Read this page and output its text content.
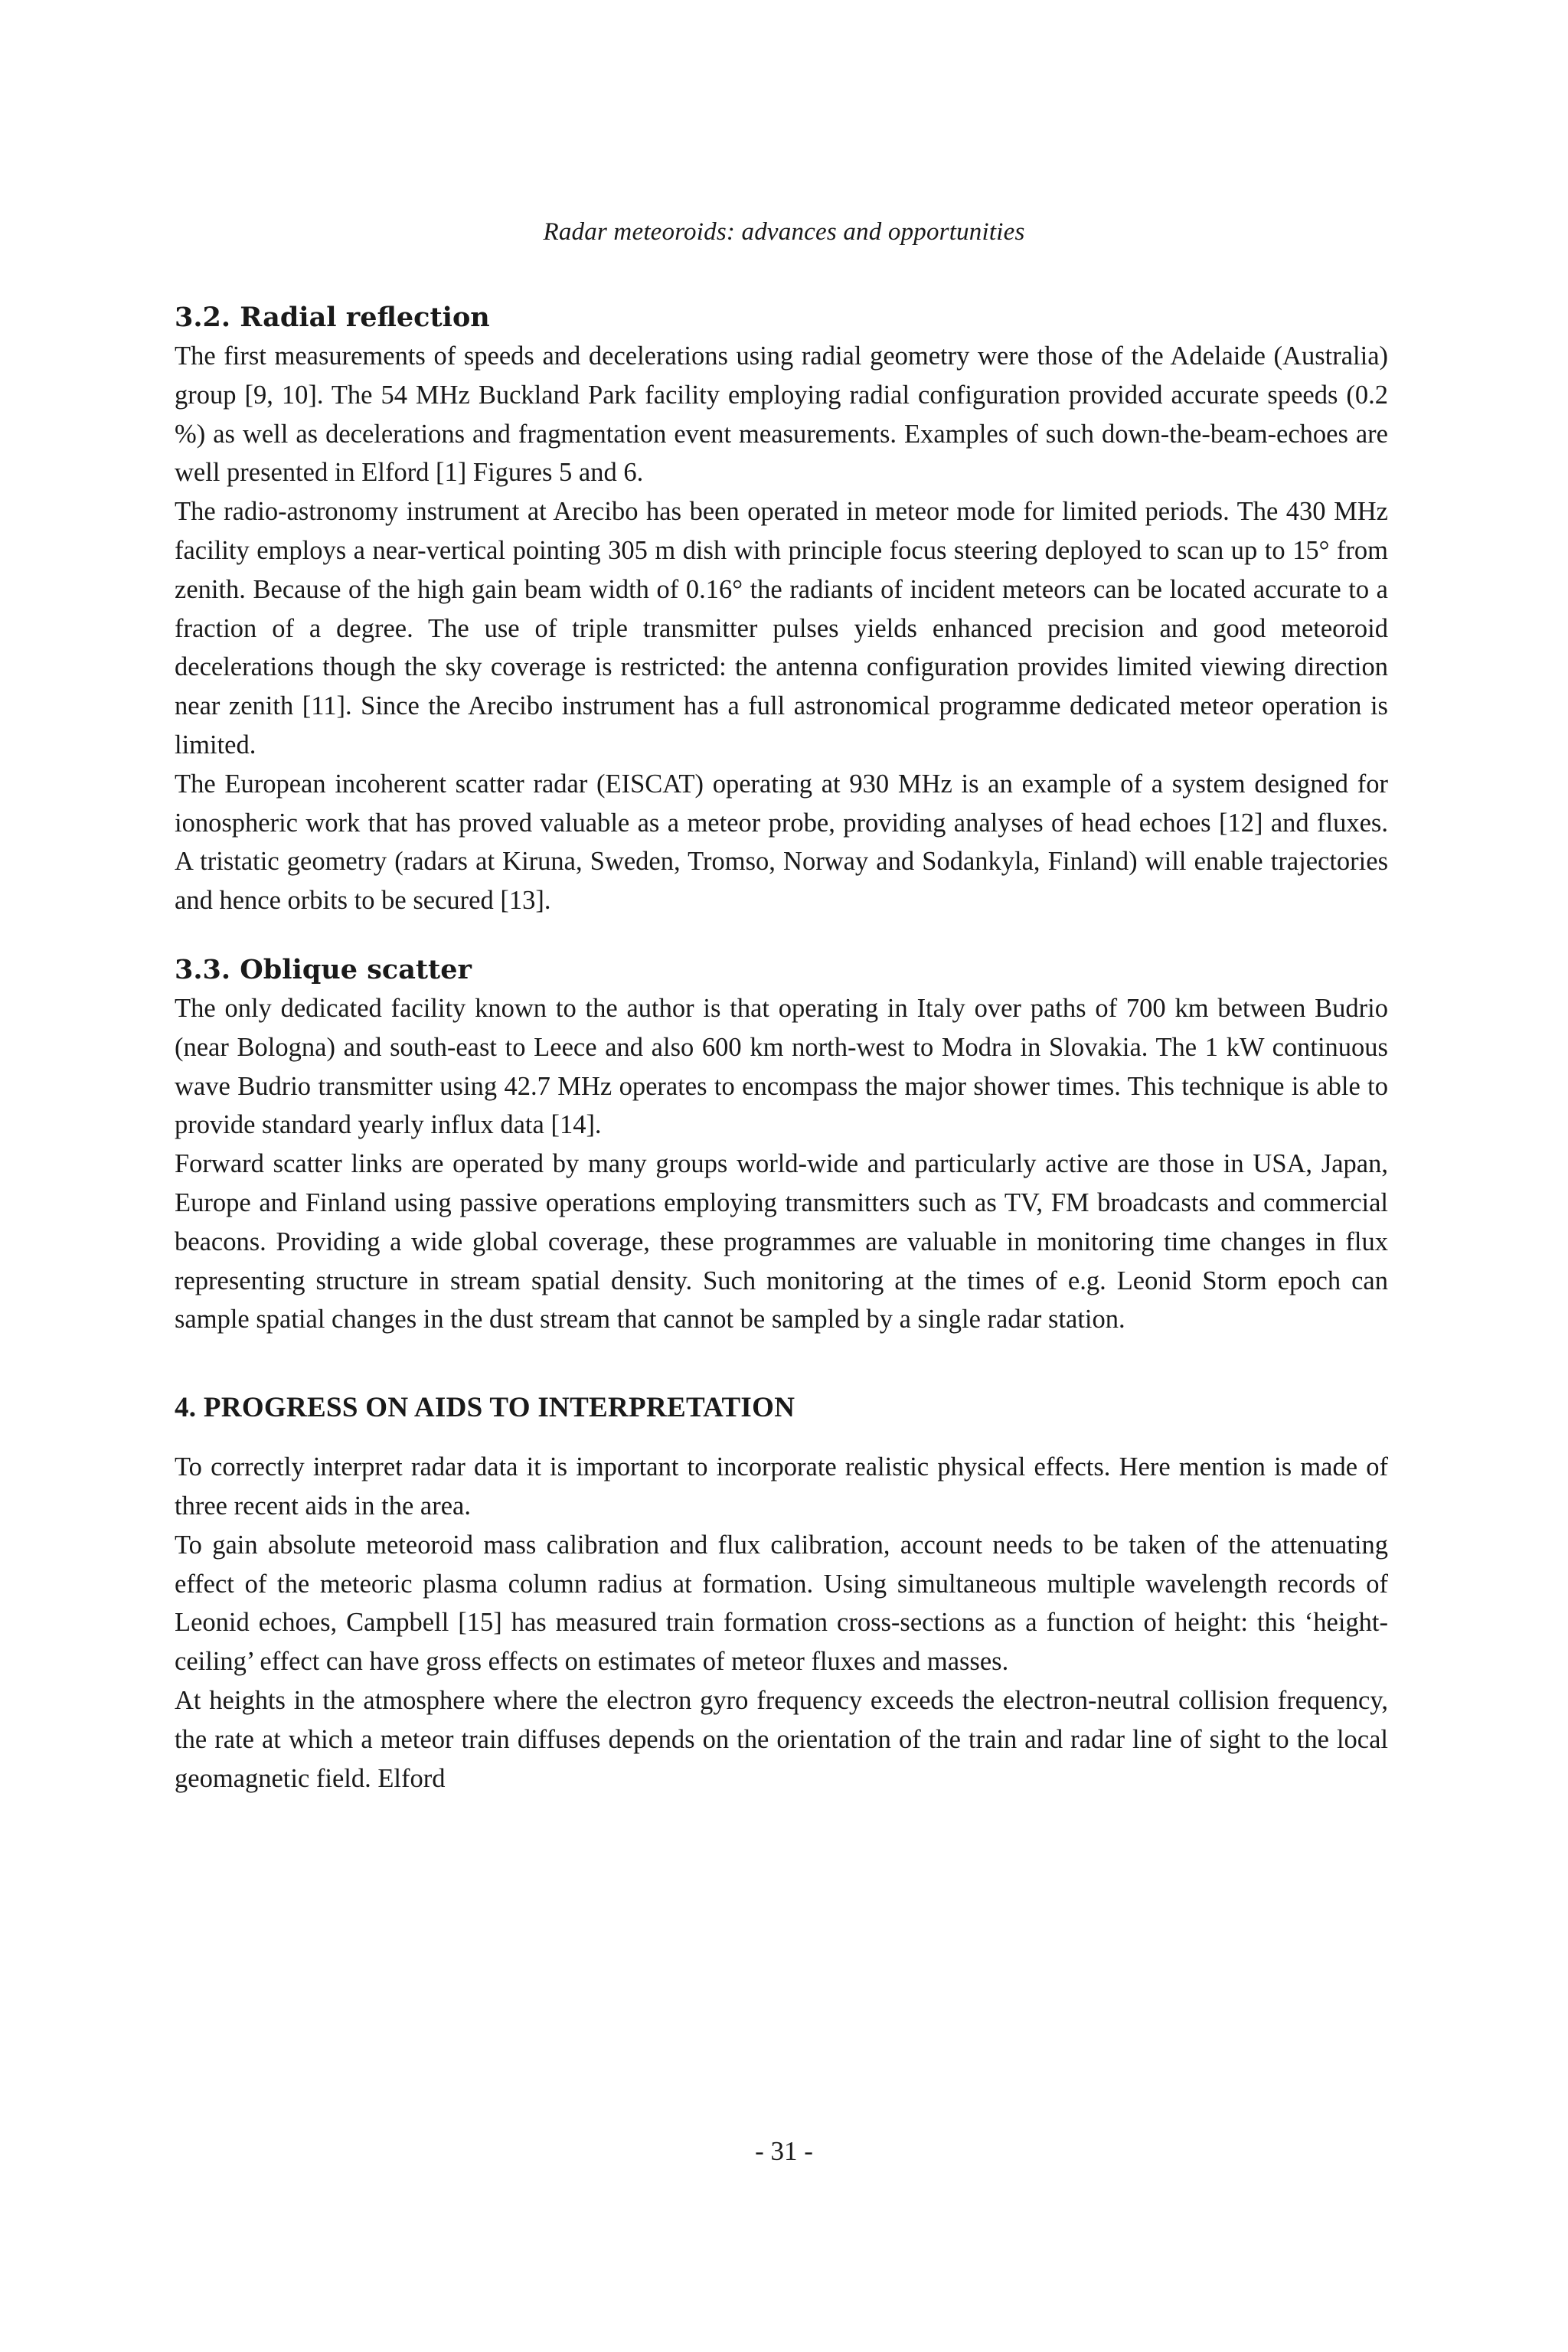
Radar meteoroids: advances and opportunities
3.2. Radial reflection

The first measurements of speeds and decelerations using radial geometry were those of the Adelaide (Australia) group [9, 10]. The 54 MHz Buckland Park facility employing radial configuration provided accurate speeds (0.2 %) as well as decelerations and fragmentation event measurements. Examples of such down-the-beam-echoes are well presented in Elford [1] Figures 5 and 6.

The radio-astronomy instrument at Arecibo has been operated in meteor mode for limited periods. The 430 MHz facility employs a near-vertical pointing 305 m dish with principle focus steering deployed to scan up to 15° from zenith. Because of the high gain beam width of 0.16° the radiants of incident meteors can be located accurate to a fraction of a degree. The use of triple transmitter pulses yields enhanced precision and good meteoroid decelerations though the sky coverage is restricted: the antenna configuration provides limited viewing direction near zenith [11]. Since the Arecibo instrument has a full astronomical programme dedicated meteor operation is limited.

The European incoherent scatter radar (EISCAT) operating at 930 MHz is an example of a system designed for ionospheric work that has proved valuable as a meteor probe, providing analyses of head echoes [12] and fluxes. A tristatic geometry (radars at Kiruna, Sweden, Tromso, Norway and Sodankyla, Finland) will enable trajectories and hence orbits to be secured [13].

3.3. Oblique scatter

The only dedicated facility known to the author is that operating in Italy over paths of 700 km between Budrio (near Bologna) and south-east to Leece and also 600 km north-west to Modra in Slovakia. The 1 kW continuous wave Budrio transmitter using 42.7 MHz operates to encompass the major shower times. This technique is able to provide standard yearly influx data [14].

Forward scatter links are operated by many groups world-wide and particularly active are those in USA, Japan, Europe and Finland using passive operations employing transmitters such as TV, FM broadcasts and commercial beacons. Providing a wide global coverage, these programmes are valuable in monitoring time changes in flux representing structure in stream spatial density. Such monitoring at the times of e.g. Leonid Storm epoch can sample spatial changes in the dust stream that cannot be sampled by a single radar station.

4. PROGRESS ON AIDS TO INTERPRETATION

To correctly interpret radar data it is important to incorporate realistic physical effects. Here mention is made of three recent aids in the area.

To gain absolute meteoroid mass calibration and flux calibration, account needs to be taken of the attenuating effect of the meteoric plasma column radius at formation. Using simultaneous multiple wavelength records of Leonid echoes, Campbell [15] has measured train formation cross-sections as a function of height: this ‘height-ceiling’ effect can have gross effects on estimates of meteor fluxes and masses.

At heights in the atmosphere where the electron gyro frequency exceeds the electron-neutral collision frequency, the rate at which a meteor train diffuses depends on the orientation of the train and radar line of sight to the local geomagnetic field. Elford

- 31 -
